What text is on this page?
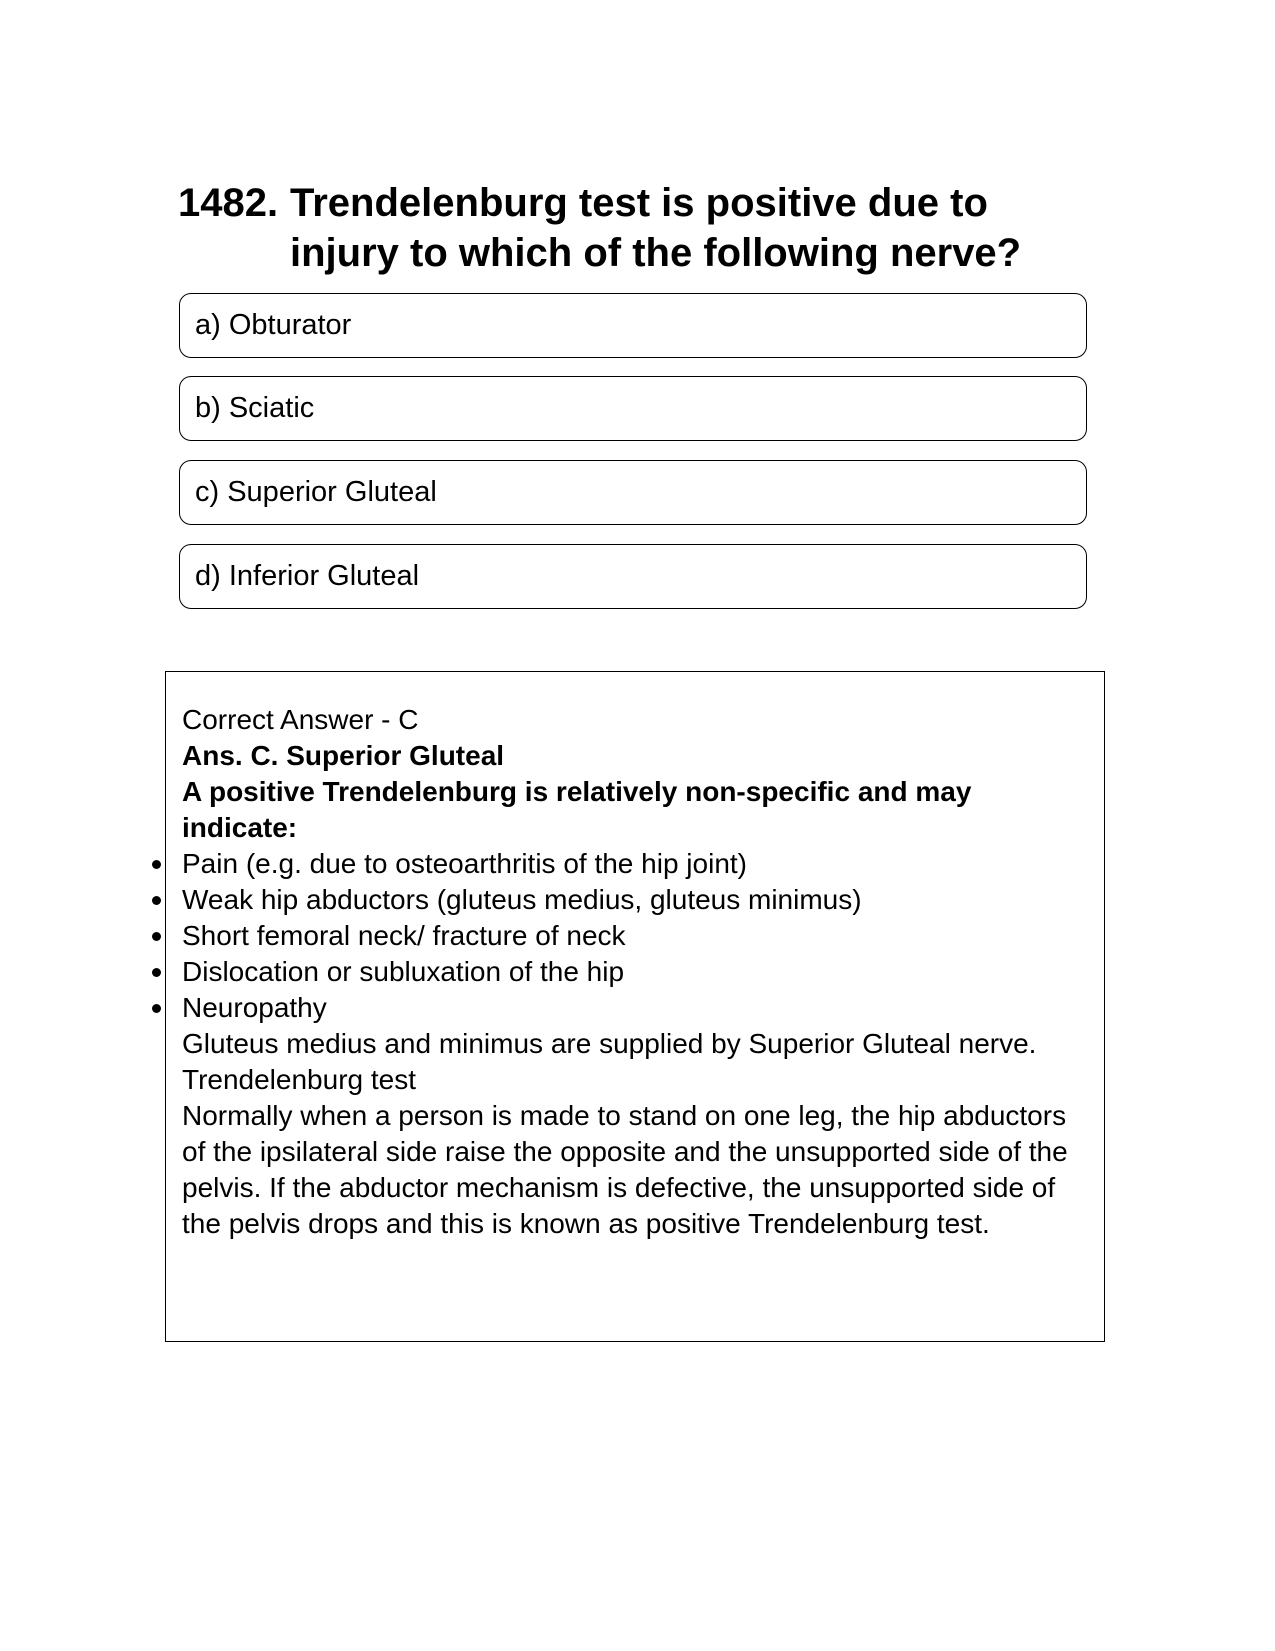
1482. Trendelenburg test is positive due to injury to which of the following nerve?
a) Obturator
b) Sciatic
c) Superior Gluteal
d) Inferior Gluteal
Correct Answer - C
Ans. C. Superior Gluteal
A positive Trendelenburg is relatively non-specific and may indicate:
Pain (e.g. due to osteoarthritis of the hip joint)
Weak hip abductors (gluteus medius, gluteus minimus)
Short femoral neck/ fracture of neck
Dislocation or subluxation of the hip
Neuropathy
Gluteus medius and minimus are supplied by Superior Gluteal nerve.
Trendelenburg test
Normally when a person is made to stand on one leg, the hip abductors of the ipsilateral side raise the opposite and the unsupported side of the pelvis. If the abductor mechanism is defective, the unsupported side of the pelvis drops and this is known as positive Trendelenburg test.
